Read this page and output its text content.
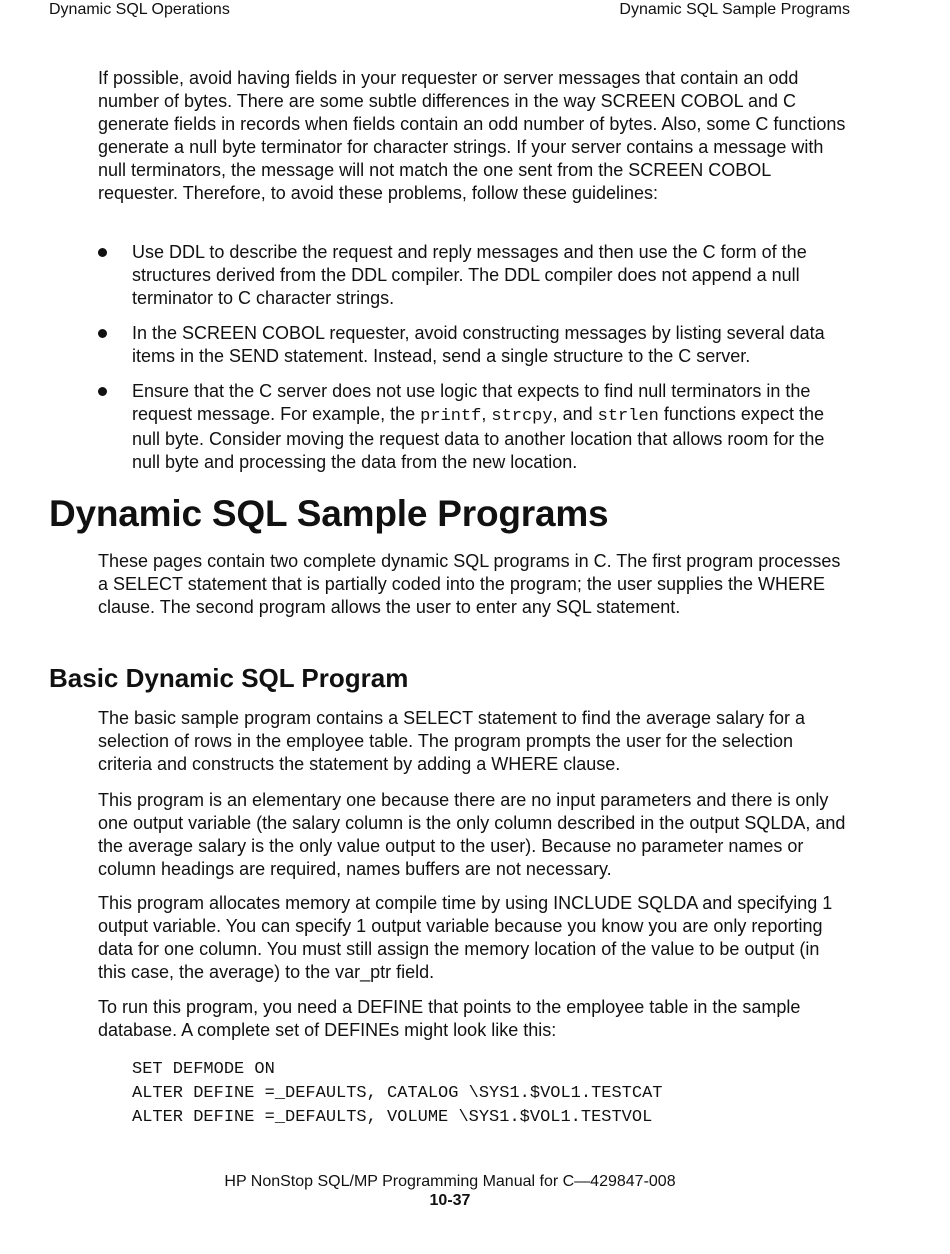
Dynamic SQL Operations	Dynamic SQL Sample Programs

If possible, avoid having fields in your requester or server messages that contain an odd number of bytes. There are some subtle differences in the way SCREEN COBOL and C generate fields in records when fields contain an odd number of bytes. Also, some C functions generate a null byte terminator for character strings. If your server contains a message with null terminators, the message will not match the one sent from the SCREEN COBOL requester. Therefore, to avoid these problems, follow these guidelines:

Use DDL to describe the request and reply messages and then use the C form of the structures derived from the DDL compiler. The DDL compiler does not append a null terminator to C character strings.

In the SCREEN COBOL requester, avoid constructing messages by listing several data items in the SEND statement. Instead, send a single structure to the C server.

Ensure that the C server does not use logic that expects to find null terminators in the request message. For example, the printf, strcpy, and strlen functions expect the null byte. Consider moving the request data to another location that allows room for the null byte and processing the data from the new location.

Dynamic SQL Sample Programs

These pages contain two complete dynamic SQL programs in C. The first program processes a SELECT statement that is partially coded into the program; the user supplies the WHERE clause. The second program allows the user to enter any SQL statement.

Basic Dynamic SQL Program

The basic sample program contains a SELECT statement to find the average salary for a selection of rows in the employee table. The program prompts the user for the selection criteria and constructs the statement by adding a WHERE clause.

This program is an elementary one because there are no input parameters and there is only one output variable (the salary column is the only column described in the output SQLDA, and the average salary is the only value output to the user). Because no parameter names or column headings are required, names buffers are not necessary.

This program allocates memory at compile time by using INCLUDE SQLDA and specifying 1 output variable. You can specify 1 output variable because you know you are only reporting data for one column. You must still assign the memory location of the value to be output (in this case, the average) to the var_ptr field.

To run this program, you need a DEFINE that points to the employee table in the sample database. A complete set of DEFINEs might look like this:

SET DEFMODE ON
ALTER DEFINE =_DEFAULTS, CATALOG \SYS1.$VOL1.TESTCAT
ALTER DEFINE =_DEFAULTS, VOLUME \SYS1.$VOL1.TESTVOL
HP NonStop SQL/MP Programming Manual for C—429847-008
10-37
